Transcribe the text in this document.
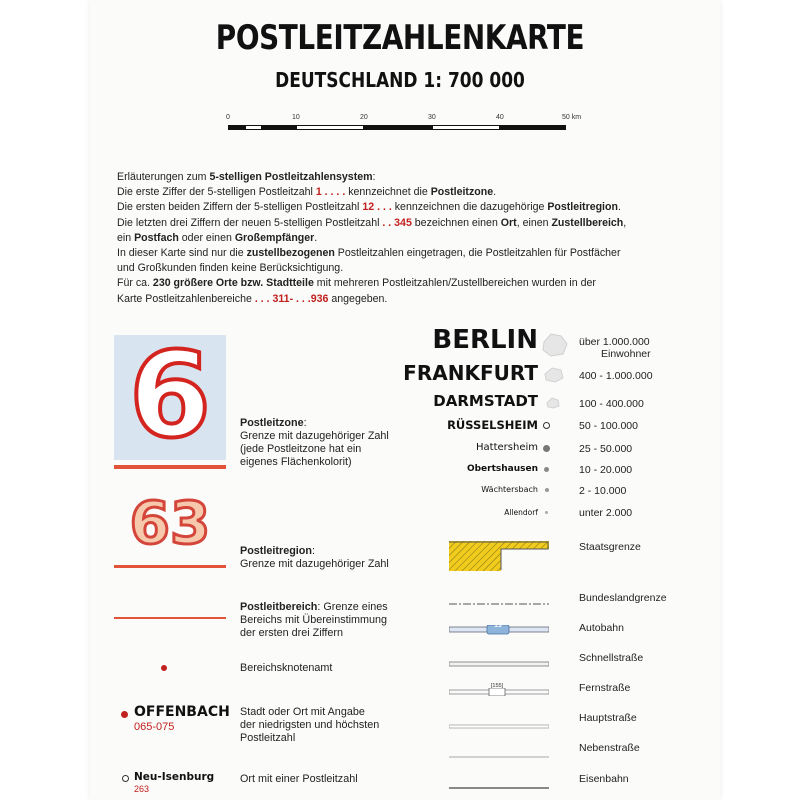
POSTLEITZAHLENKARTE
DEUTSCHLAND 1: 700 000
0	10	20	30	40	50 km
Erläuterungen zum 5-stelligen Postleitzahlensystem:
Die erste Ziffer der 5-stelligen Postleitzahl 1 . . . . kennzeichnet die Postleitzone.
Die ersten beiden Ziffern der 5-stelligen Postleitzahl 12 . . . kennzeichnen die dazugehörige Postleitregion.
Die letzten drei Ziffern der neuen 5-stelligen Postleitzahl . . 345 bezeichnen einen Ort, einen Zustellbereich,
ein Postfach oder einen Großempfänger.
In dieser Karte sind nur die zustellbezogenen Postleitzahlen eingetragen, die Postleitzahlen für Postfächer
und Großkunden finden keine Berücksichtigung.
Für ca. 230 größere Orte bzw. Stadtteile mit mehreren Postleitzahlen/Zustellbereichen wurden in der
Karte Postleitzahlenbereiche . . . 311- . . .936 angegeben.
6	Postleitzone:
Grenze mit dazugehöriger Zahl
(jede Postleitzone hat ein
eigenes Flächenkolorit)
63	Postleitregion:
Grenze mit dazugehöriger Zahl
Postleitbereich: Grenze eines
Bereichs mit Übereinstimmung
der ersten drei Ziffern
Bereichsknotenamt
OFFENBACH
065-075
Stadt oder Ort mit Angabe
der niedrigsten und höchsten
Postleitzahl
Neu-Isenburg
263
Ort mit einer Postleitzahl
BERLIN	über 1.000.000
Einwohner
FRANKFURT	400 - 1.000.000
DARMSTADT	100 - 400.000
RÜSSELSHEIM	50 - 100.000
Hattersheim	25 - 50.000
Obertshausen	10 - 20.000
Wächtersbach	2 - 10.000
Allendorf	unter 2.000
Staatsgrenze
Bundeslandgrenze
19	Autobahn
Schnellstraße
[155]	Fernstraße
Hauptstraße
Nebenstraße
Eisenbahn
